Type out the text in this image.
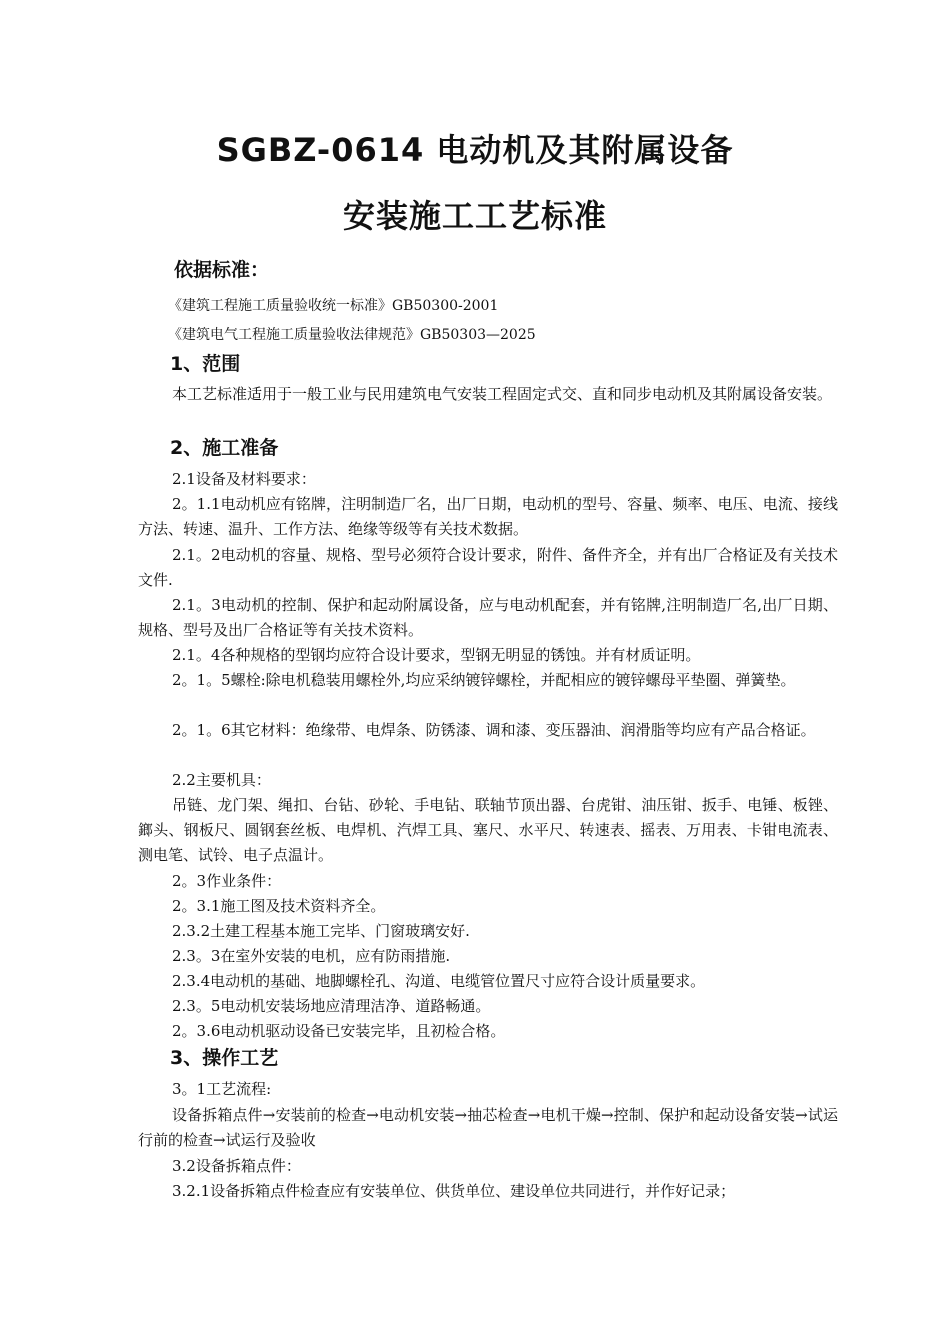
SGBZ-0614 电动机及其附属设备
安装施工工艺标准
依据标准：
《建筑工程施工质量验收统一标准》GB50300-2001
《建筑电气工程施工质量验收法律规范》GB50303—2025
1、范围
本工艺标准适用于一般工业与民用建筑电气安装工程固定式交、直和同步电动机及其附属设备安装。
2、施工准备
2.1设备及材料要求：
2。1.1电动机应有铭牌，注明制造厂名，出厂日期，电动机的型号、容量、频率、电压、电流、接线方法、转速、温升、工作方法、绝缘等级等有关技术数据。
2.1。2电动机的容量、规格、型号必须符合设计要求，附件、备件齐全，并有出厂合格证及有关技术文件.
2.1。3电动机的控制、保护和起动附属设备，应与电动机配套，并有铭牌,注明制造厂名,出厂日期、规格、型号及出厂合格证等有关技术资料。
2.1。4各种规格的型钢均应符合设计要求，型钢无明显的锈蚀。并有材质证明。
2。1。5螺栓:除电机稳装用螺栓外,均应采纳镀锌螺栓，并配相应的镀锌螺母平垫圈、弹簧垫。
2。1。6其它材料：绝缘带、电焊条、防锈漆、调和漆、变压器油、润滑脂等均应有产品合格证。
2.2主要机具：
吊链、龙门架、绳扣、台钻、砂轮、手电钻、联轴节顶出器、台虎钳、油压钳、扳手、电锤、板锉、鎯头、钢板尺、圆钢套丝板、电焊机、汽焊工具、塞尺、水平尺、转速表、摇表、万用表、卡钳电流表、测电笔、试铃、电子点温计。
2。3作业条件：
2。3.1施工图及技术资料齐全。
2.3.2土建工程基本施工完毕、门窗玻璃安好.
2.3。3在室外安装的电机，应有防雨措施.
2.3.4电动机的基础、地脚螺栓孔、沟道、电缆管位置尺寸应符合设计质量要求。
2.3。5电动机安装场地应清理洁净、道路畅通。
2。3.6电动机驱动设备已安装完毕，且初检合格。
3、操作工艺
3。1工艺流程:
设备拆箱点件→安装前的检查→电动机安装→抽芯检查→电机干燥→控制、保护和起动设备安装→试运行前的检查→试运行及验收
3.2设备拆箱点件：
3.2.1设备拆箱点件检查应有安装单位、供货单位、建设单位共同进行，并作好记录；
